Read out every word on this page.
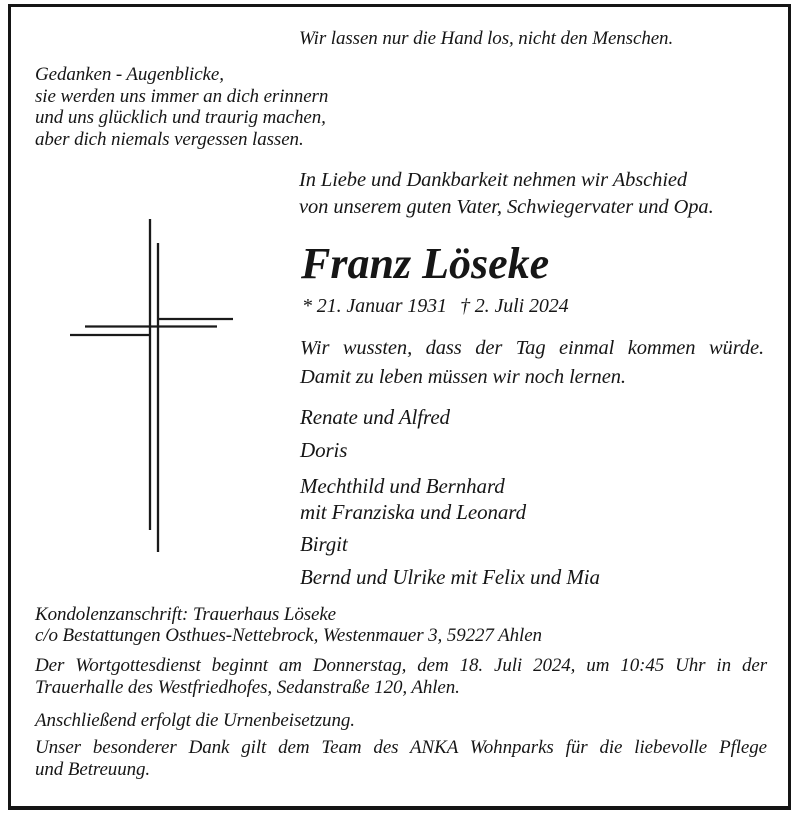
Wir lassen nur die Hand los, nicht den Menschen.
Gedanken - Augenblicke,
sie werden uns immer an dich erinnern
und uns glücklich und traurig machen,
aber dich niemals vergessen lassen.
In Liebe und Dankbarkeit nehmen wir Abschied
von unserem guten Vater, Schwiegervater und Opa.
Franz Löseke
* 21. Januar 1931 † 2. Juli 2024
Wir wussten, dass der Tag einmal kommen würde.
Damit zu leben müssen wir noch lernen.
Renate und Alfred
Doris
Mechthild und Bernhard
mit Franziska und Leonard
Birgit
Bernd und Ulrike mit Felix und Mia
Kondolenzanschrift: Trauerhaus Löseke
c/o Bestattungen Osthues-Nettebrock, Westenmauer 3, 59227 Ahlen
Der Wortgottesdienst beginnt am Donnerstag, dem 18. Juli 2024, um 10:45 Uhr in der
Trauerhalle des Westfriedhofes, Sedanstraße 120, Ahlen.
Anschließend erfolgt die Urnenbeisetzung.
Unser besonderer Dank gilt dem Team des ANKA Wohnparks für die liebevolle Pflege
und Betreuung.
